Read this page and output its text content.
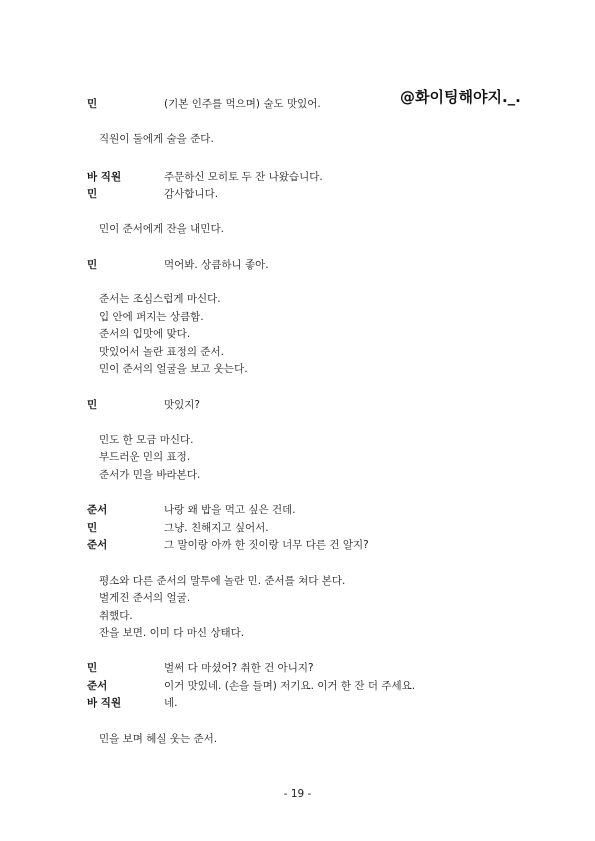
@화이팅해야지._.
민	(기본 인주를 먹으며) 술도 맛있어.
직원이 둘에게 술을 준다.
바 직원	주문하신 모히토 두 잔 나왔습니다.
민	감사합니다.
민이 준서에게 잔을 내민다.
민	먹어봐. 상큼하니 좋아.
준서는 조심스럽게 마신다.
입 안에 퍼지는 상큼함.
준서의 입맛에 맞다.
맛있어서 놀란 표정의 준서.
민이 준서의 얼굴을 보고 웃는다.
민	맛있지?
민도 한 모금 마신다.
부드러운 민의 표정.
준서가 민을 바라본다.
준서	나랑 왜 밥을 먹고 싶은 건데.
민	그냥. 친해지고 싶어서.
준서	그 말이랑 아까 한 짓이랑 너무 다른 건 알지?
평소와 다른 준서의 말투에 놀란 민. 준서를 쳐다 본다.
벌게진 준서의 얼굴.
취했다.
잔을 보면. 이미 다 마신 상태다.
민	벌써 다 마셨어? 취한 건 아니지?
준서	이거 맛있네. (손을 들며) 저기요. 이거 한 잔 더 주세요.
바 직원	네.
민을 보며 헤실 웃는 준서.
- 19 -
